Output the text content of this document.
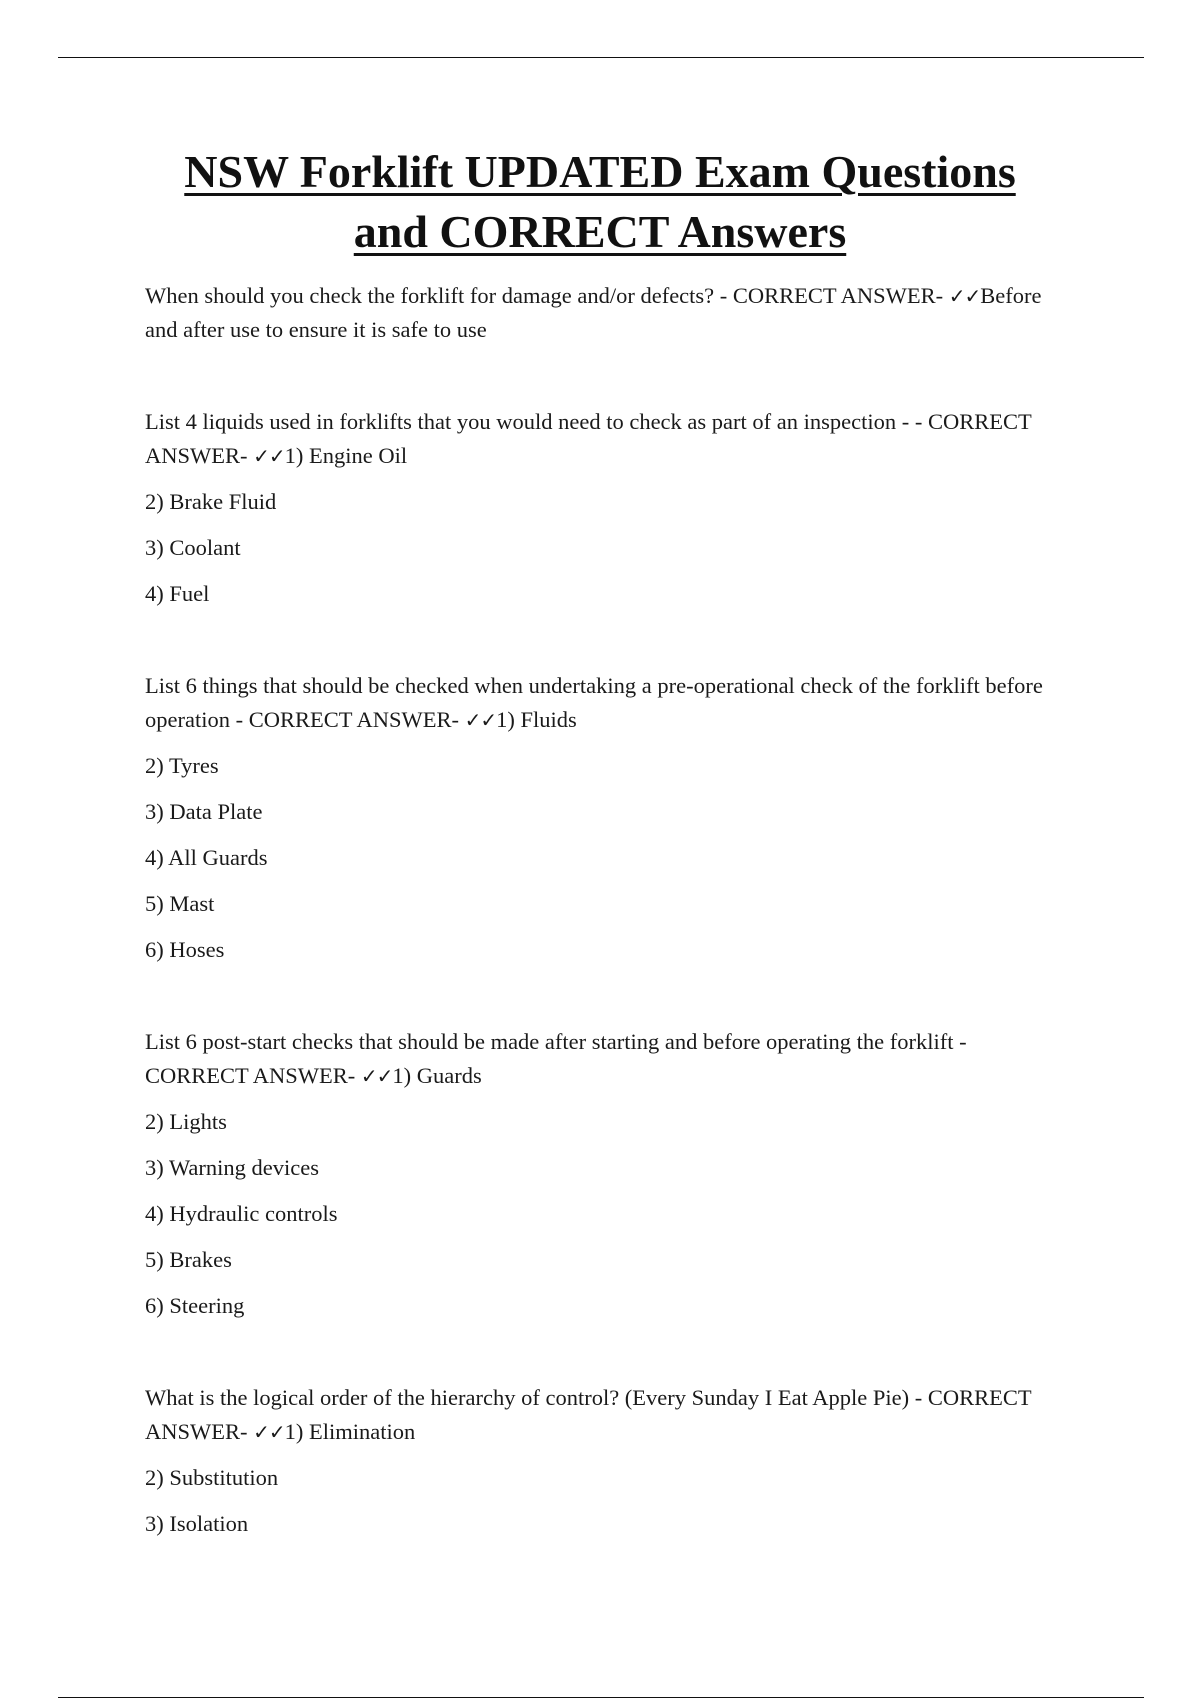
NSW Forklift UPDATED Exam Questions
and CORRECT Answers

When should you check the forklift for damage and/or defects? - CORRECT ANSWER- ✓✓Before and after use to ensure it is safe to use

List 4 liquids used in forklifts that you would need to check as part of an inspection - - CORRECT ANSWER- ✓✓1) Engine Oil

2) Brake Fluid

3) Coolant

4) Fuel

List 6 things that should be checked when undertaking a pre-operational check of the forklift before operation - CORRECT ANSWER- ✓✓1) Fluids

2) Tyres

3) Data Plate

4) All Guards

5) Mast

6) Hoses

List 6 post-start checks that should be made after starting and before operating the forklift - CORRECT ANSWER- ✓✓1) Guards

2) Lights

3) Warning devices

4) Hydraulic controls

5) Brakes

6) Steering

What is the logical order of the hierarchy of control? (Every Sunday I Eat Apple Pie) - CORRECT ANSWER- ✓✓1) Elimination

2) Substitution

3) Isolation
